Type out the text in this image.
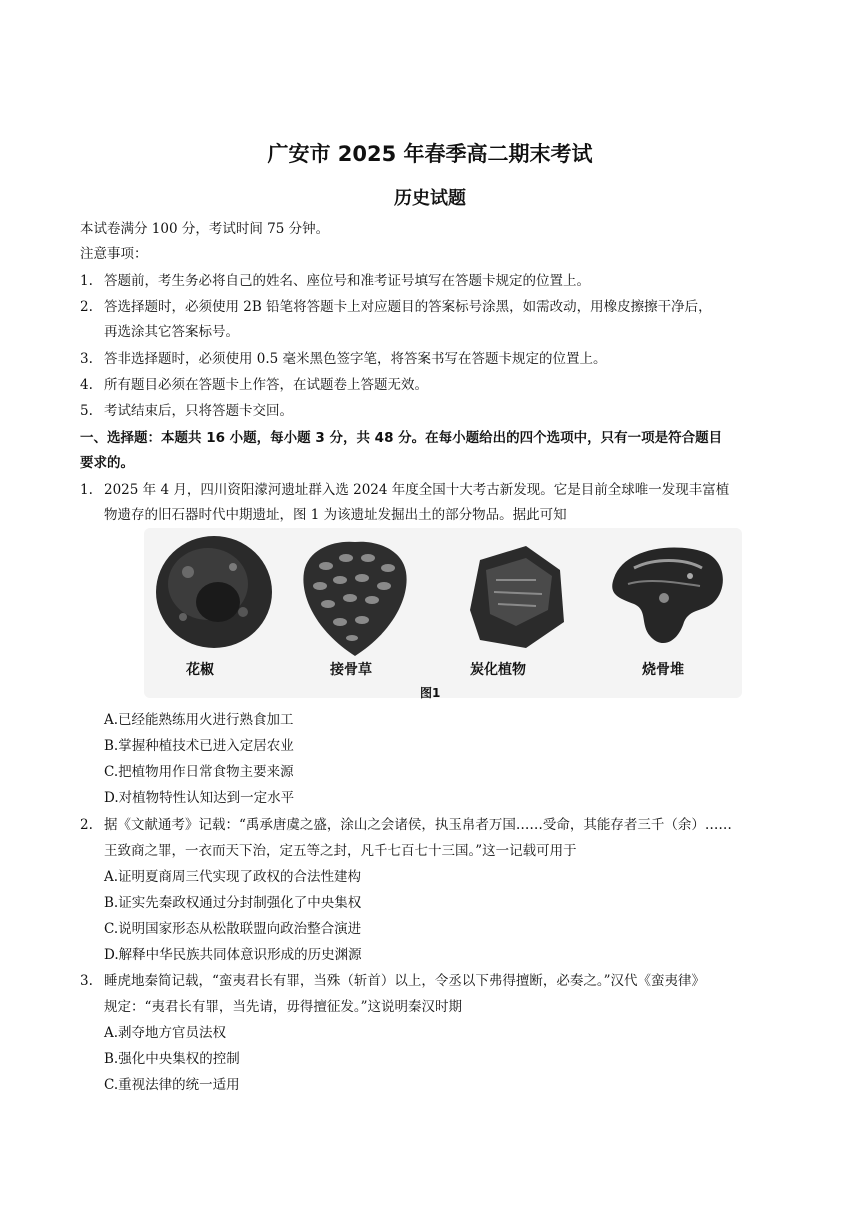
广安市 2025 年春季高二期末考试
历史试题
本试卷满分 100 分，考试时间 75 分钟。
注意事项：
1. 答题前，考生务必将自己的姓名、座位号和准考证号填写在答题卡规定的位置上。
2. 答选择题时，必须使用 2B 铅笔将答题卡上对应题目的答案标号涂黑，如需改动，用橡皮擦擦干净后，
再选涂其它答案标号。
3. 答非选择题时，必须使用 0.5 毫米黑色签字笔，将答案书写在答题卡规定的位置上。
4. 所有题目必须在答题卡上作答，在试题卷上答题无效。
5. 考试结束后，只将答题卡交回。
一、选择题：本题共 16 小题，每小题 3 分，共 48 分。在每小题给出的四个选项中，只有一项是符合题目
要求的。
1. 2025 年 4 月，四川资阳濛河遗址群入选 2024 年度全国十大考古新发现。它是目前全球唯一发现丰富植
物遗存的旧石器时代中期遗址，图 1 为该遗址发掘出土的部分物品。据此可知
花椒	接骨草	炭化植物	烧骨堆
图1
A.已经能熟练用火进行熟食加工
B.掌握种植技术已进入定居农业
C.把植物用作日常食物主要来源
D.对植物特性认知达到一定水平
2. 据《文献通考》记载：“禹承唐虞之盛，涂山之会诸侯，执玉帛者万国……受命，其能存者三千（余）……
王致商之罪，一衣而天下治，定五等之封，凡千七百七十三国。”这一记载可用于
A.证明夏商周三代实现了政权的合法性建构
B.证实先秦政权通过分封制强化了中央集权
C.说明国家形态从松散联盟向政治整合演进
D.解释中华民族共同体意识形成的历史渊源
3. 睡虎地秦简记载，“蛮夷君长有罪，当殊（斩首）以上，令丞以下弗得擅断，必奏之。”汉代《蛮夷律》
规定：“夷君长有罪，当先请，毋得擅征发。”这说明秦汉时期
A.剥夺地方官员法权
B.强化中央集权的控制
C.重视法律的统一适用
